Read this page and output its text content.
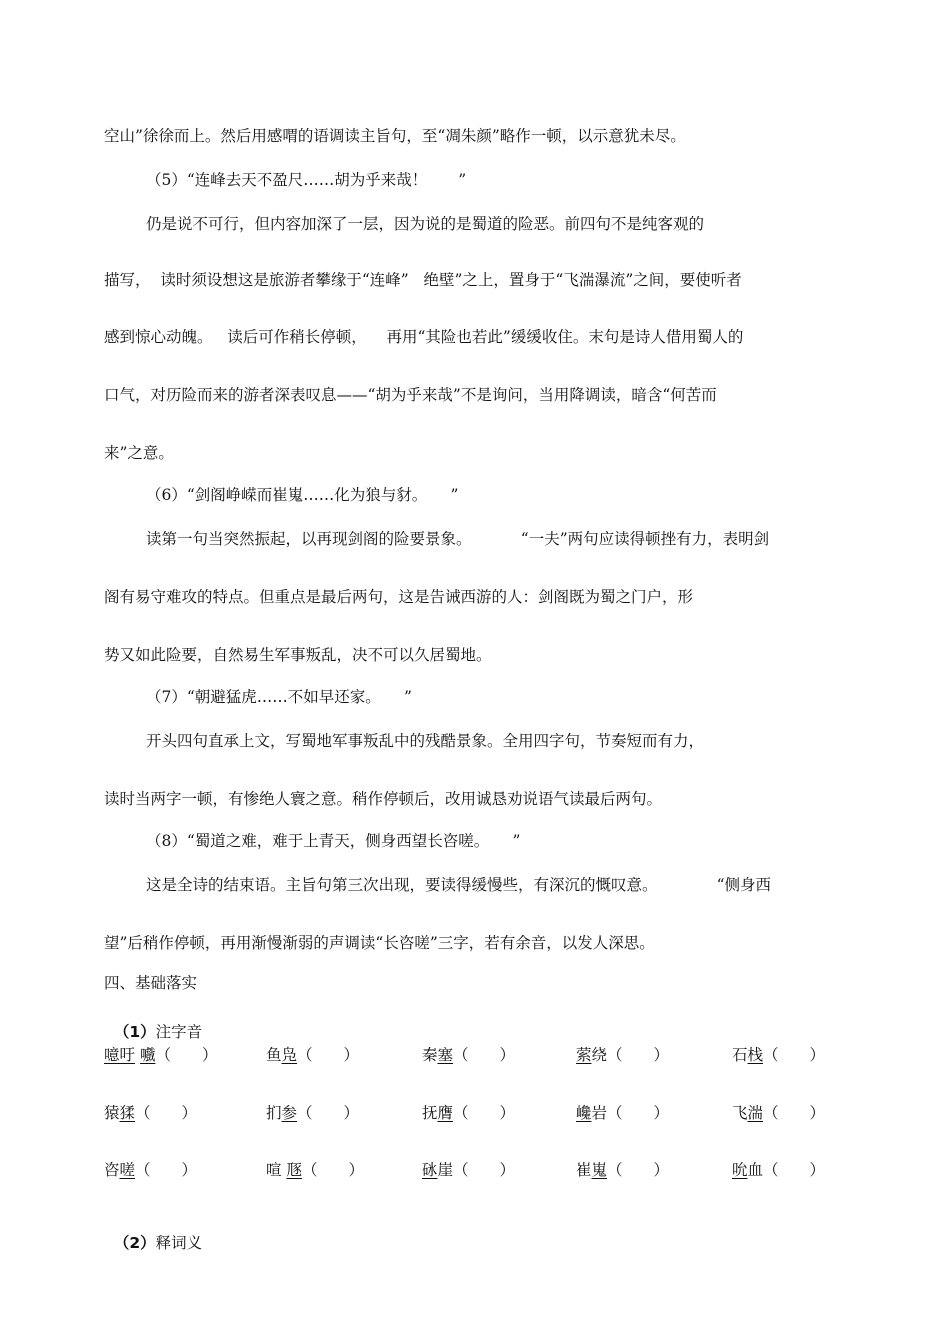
空山”徐徐而上。然后用感喟的语调读主旨句，至“凋朱颜”略作一顿，以示意犹未尽。
（5）“连峰去天不盈尺……胡为乎来哉！　　”
仍是说不可行，但内容加深了一层，因为说的是蜀道的险恶。前四句不是纯客观的
描写，  读时须设想这是旅游者攀缘于“连峰”   绝壁”之上，置身于“飞湍瀑流”之间，要使听者
感到惊心动魄。   读后可作稍长停顿，    再用“其险也若此”缓缓收住。末句是诗人借用蜀人的
口气，对历险而来的游者深表叹息——“胡为乎来哉”不是询问，当用降调读，暗含“何苦而
来”之意。
（6）“剑阁峥嵘而崔嵬……化为狼与豺。　　”
读第一句当突然振起，以再现剑阁的险要景象。          “一夫”两句应读得顿挫有力，表明剑
阁有易守难攻的特点。但重点是最后两句，这是告诫西游的人：剑阁既为蜀之门户，形
势又如此险要，自然易生军事叛乱，决不可以久居蜀地。
（7）“朝避猛虎……不如早还家。　　”
开头四句直承上文，写蜀地军事叛乱中的残酷景象。全用四字句，节奏短而有力，
读时当两字一顿，有惨绝人寰之意。稍作停顿后，改用诚恳劝说语气读最后两句。
（8）“蜀道之难，难于上青天，侧身西望长咨嗟。　　”
这是全诗的结束语。主旨句第三次出现，要读得缓慢些，有深沉的慨叹意。            “侧身西
望”后稍作停顿，再用渐慢渐弱的声调读“长咨嗟”三字，若有余音，以发人深思。
四、基础落实

（1）注字音

噫吁 嚱（　　）	鱼凫（　　）	秦塞（　　）	萦绕（　　）	石栈（　　）
猿猱（　　）	扪参（　　）	抚膺（　　）	巉岩（　　）	飞湍（　　）
咨嗟（　　）	喧 豗（　　）	砯崖（　　）	崔嵬（　　）	吮血（　　）

（2）释词义
